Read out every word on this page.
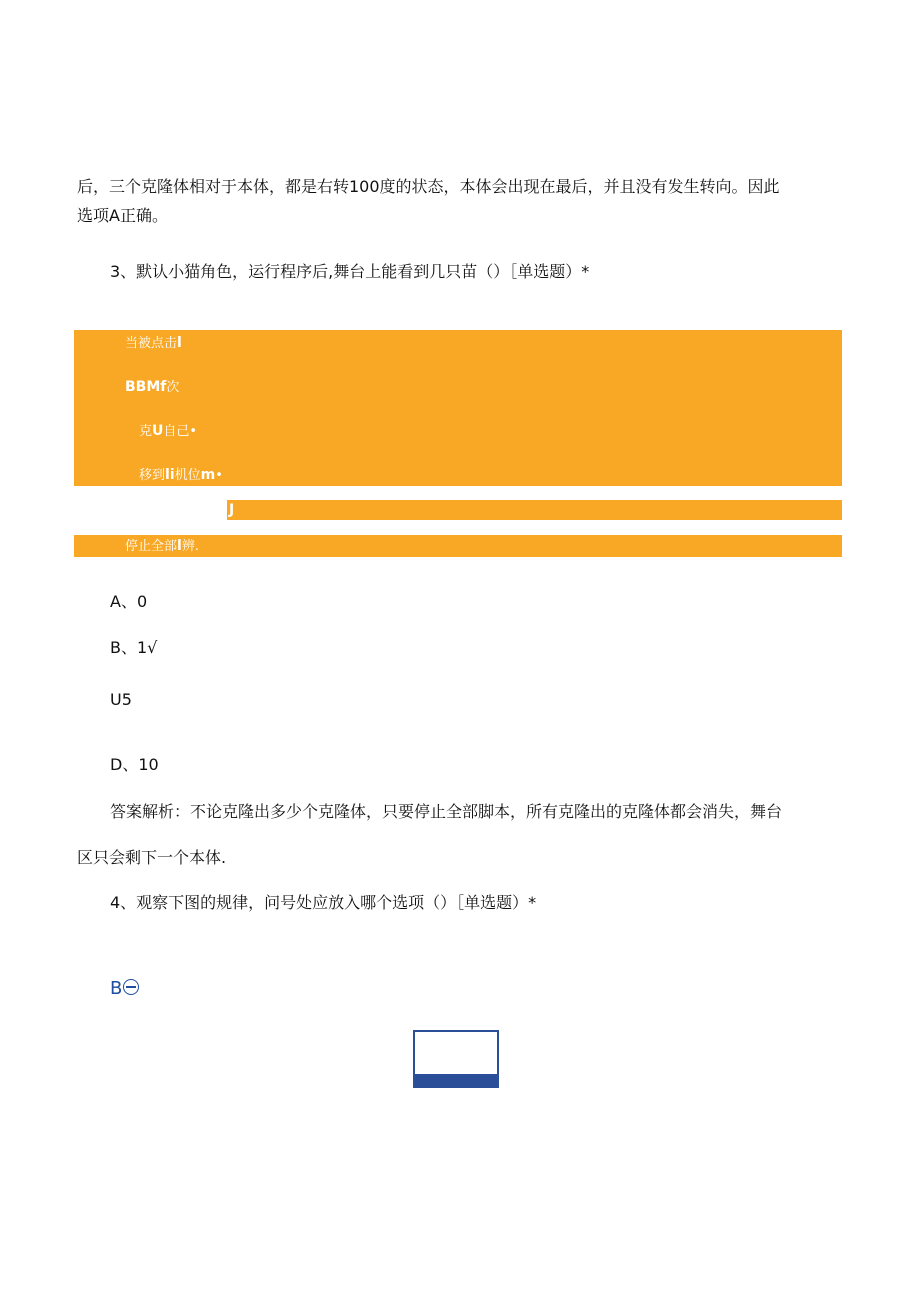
后，三个克隆体相对于本体，都是右转100度的状态，本体会出现在最后，并且没有发生转向。因此
选项A正确。
3、默认小猫角色，运行程序后,舞台上能看到几只苗（）［单选题）*
当被点击l
BBMf次
克U自己•
移到li机位m•
J
停止全部l辨.
A、0
B、1√
U5
D、10
答案解析：不论克隆出多少个克隆体，只要停止全部脚本，所有克隆出的克隆体都会消失，舞台
区只会剩下一个本体.
4、观察下图的规律，问号处应放入哪个选项（）［单选题）*
B
